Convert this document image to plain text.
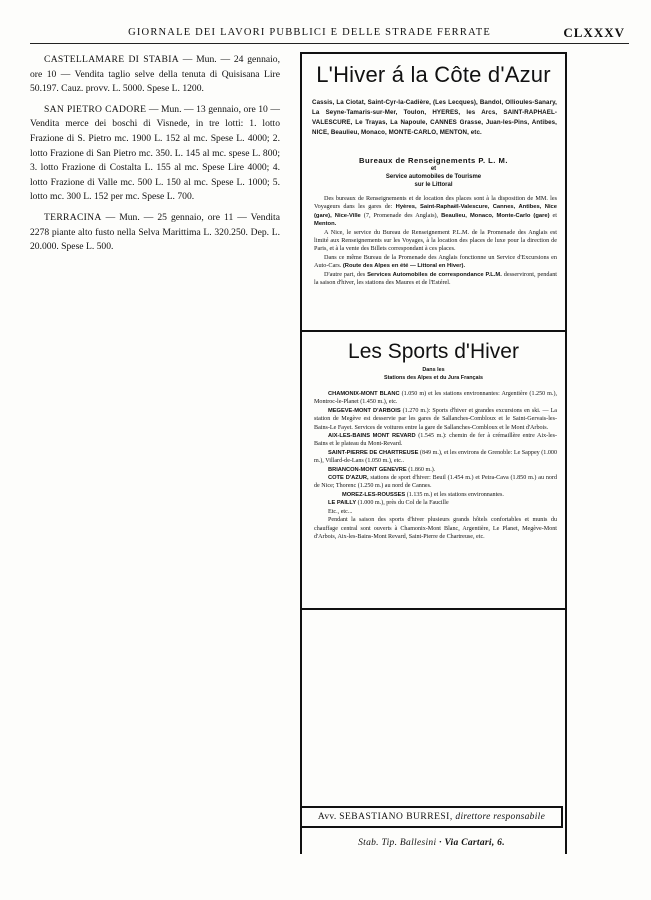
GIORNALE DEI LAVORI PUBBLICI E DELLE STRADE FERRATE	CLXXXV

CASTELLAMARE DI STABIA — Mun. — 24 gennaio, ore 10 — Vendita taglio selve della tenuta di Quisisana Lire 50.197. Cauz. provv. L. 5000. Spese L. 1200.

SAN PIETRO CADORE — Mun. — 13 gennaio, ore 10 — Vendita merce dei boschi di Visnede, in tre lotti: 1. lotto Frazione di S. Pietro mc. 1900 L. 152 al mc. Spese L. 4000; 2. lotto Frazione di San Pietro mc. 350. L. 145 al mc. spese L. 800; 3. lotto Frazione di Costalta L. 155 al mc. Spese Lire 4000; 4. lotto Frazione di Valle mc. 500 L. 150 al mc. Spese L. 1000; 5. lotto mc. 300 L. 152 per mc. Spese L. 700.

TERRACINA — Mun. — 25 gennaio, ore 11 — Vendita 2278 piante alto fusto nella Selva Marittima L. 320.250. Dep. L. 20.000. Spese L. 500.

L'Hiver á la Côte d'Azur
Cassis, La Ciotat, Saint-Cyr-la-Cadière, (Les Lecques), Bandol, Ollioules-Sanary, La Seyne-Tamaris-sur-Mer, Toulon, HYERES, les Arcs, SAINT-RAPHAEL-VALESCURE, Le Trayas, La Napoule, CANNES Grasse, Juan-les-Pins, Antibes, NICE, Beaulieu, Monaco, MONTE-CARLO, MENTON, etc.
Bureaux de Renseignements P. L. M.
et
Service automobiles de Tourisme
sur le Littoral

Des bureaux de Renseignements et de location des places sont à la disposition de MM. les Voyageurs dans les gares de: Hyères, Saint-Raphaël-Valescure, Cannes, Antibes, Nice (gare), Nice-Ville (7, Promenade des Anglais), Beaulieu, Monaco, Monte-Carlo (gare) et Menton.

A Nice, le service du Bureau de Renseignement P.L.M. de la Promenade des Anglais est limité aux Renseignements sur les Voyages, à la location des places de luxe pour la direction de Paris, et à la vente des Billets correspondant à ces places.

Dans ce même Bureau de la Promenade des Anglais fonctionne un Service d'Excursions en Auto-Cars. (Route des Alpes en été — Littoral en Hiver).

D'autre part, des Services Automobiles de correspondance P.L.M. desserviront, pendant la saison d'hiver, les stations des Maures et de l'Estérel.

Les Sports d'Hiver
Dans les
Stations des Alpes et du Jura Français

CHAMONIX-MONT BLANC (1.050 m) et les stations environnantes: Argentière (1.250 m.), Montroc-le-Planet (1.450 m.), etc.

MEGEVE-MONT D'ARBOIS (1.270 m.): Sports d'hiver et grandes excursions en ski. — La station de Megève est desservie par les gares de Sallanches-Combloux et le Saint-Gervais-les-Bains-Le Fayet. Services de voitures entre la gare de Sallanches-Combloux et le Mont d'Arbois.

AIX-LES-BAINS MONT REVARD (1.545 m.): chemin de fer à crémaillère entre Aix-les-Bains et le plateau du Mont-Revard.

SAINT-PIERRE DE CHARTREUSE (849 m.), et les environs de Grenoble: Le Sappey (1.000 m.), Villard-de-Lans (1.050 m.), etc..

BRIANCON-MONT GENEVRE (1.860 m.).

COTE D'AZUR, stations de sport d'hiver: Beuil (1.454 m.) et Peira-Cava (1.850 m.) au nord de Nice; Thorenc (1.250 m.) au nord de Cannes.

MOREZ-LES-ROUSSES (1.135 m.) et les stations environnantes.

LE PAILLY (1.000 m.), près du Col de la Faucille

Etc., etc...

Pendant la saison des sports d'hiver plusieurs grands hôtels confortables et munis du chauffage central sont ouverts à Chamonix-Mont Blanc, Argentière, Le Planet, Megève-Mont d'Arbois, Aix-les-Bains-Mont Revard, Saint-Pierre de Chartreuse, etc.

Avv. SEBASTIANO BURRESI, direttore responsabile
Stab. Tip. Ballesini · Via Cartari, 6.
